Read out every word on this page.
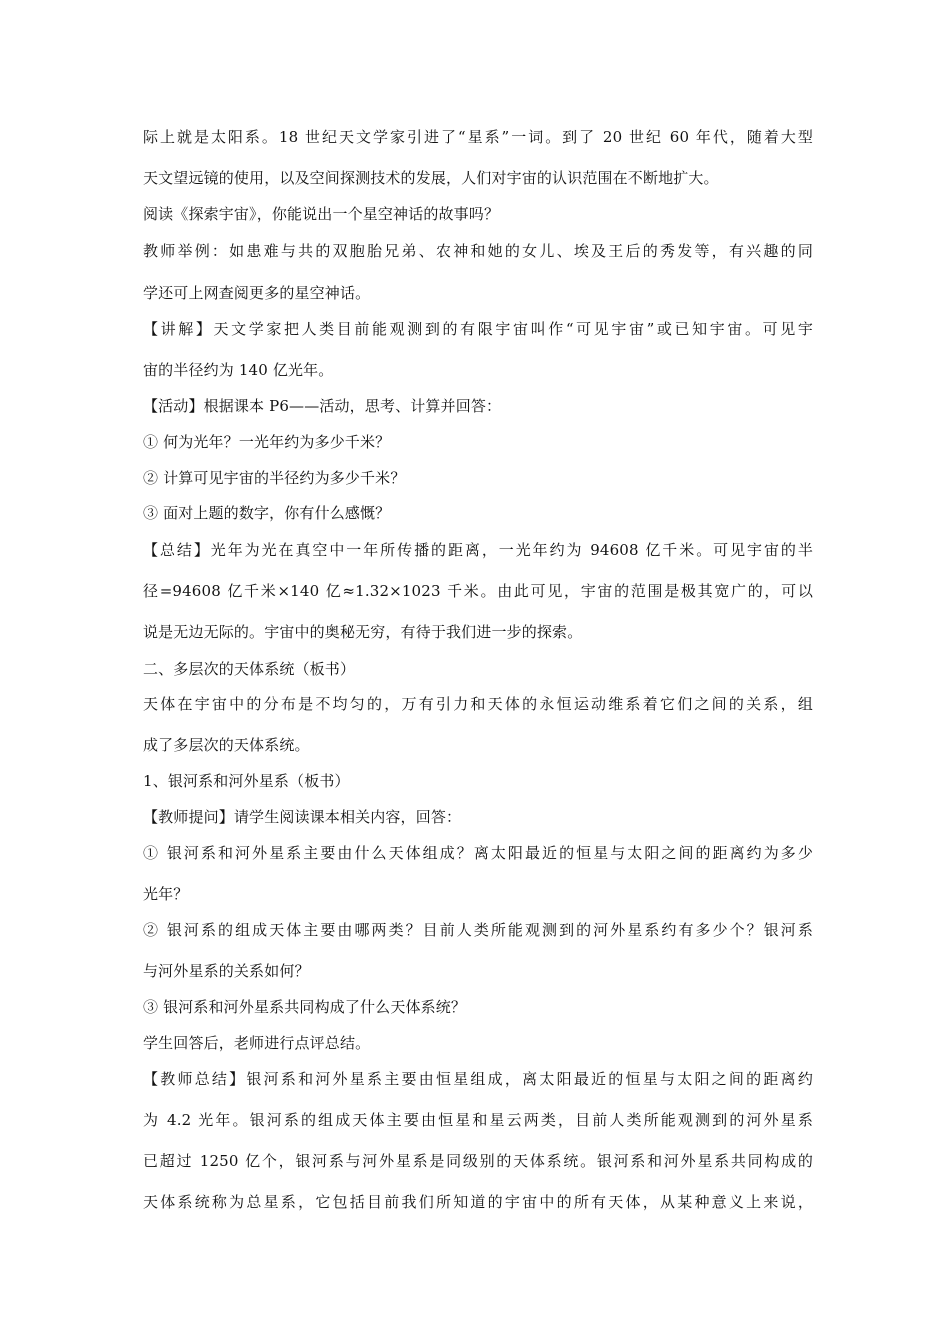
际上就是太阳系。18 世纪天文学家引进了“星系”一词。到了 20 世纪 60 年代，随着大型
天文望远镜的使用，以及空间探测技术的发展，人们对宇宙的认识范围在不断地扩大。
阅读《探索宇宙》，你能说出一个星空神话的故事吗？
教师举例：如患难与共的双胞胎兄弟、农神和她的女儿、埃及王后的秀发等，有兴趣的同
学还可上网查阅更多的星空神话。
【讲解】天文学家把人类目前能观测到的有限宇宙叫作“可见宇宙”或已知宇宙。可见宇
宙的半径约为 140 亿光年。
【活动】根据课本 P6——活动，思考、计算并回答：
① 何为光年？一光年约为多少千米？
② 计算可见宇宙的半径约为多少千米？
③ 面对上题的数字，你有什么感慨？
【总结】光年为光在真空中一年所传播的距离，一光年约为 94608 亿千米。可见宇宙的半
径=94608 亿千米×140 亿≈1.32×1023 千米。由此可见，宇宙的范围是极其宽广的，可以
说是无边无际的。宇宙中的奥秘无穷，有待于我们进一步的探索。
二、多层次的天体系统（板书）
天体在宇宙中的分布是不均匀的，万有引力和天体的永恒运动维系着它们之间的关系，组
成了多层次的天体系统。
1、银河系和河外星系（板书）
【教师提问】请学生阅读课本相关内容，回答：
① 银河系和河外星系主要由什么天体组成？离太阳最近的恒星与太阳之间的距离约为多少
光年？
② 银河系的组成天体主要由哪两类？目前人类所能观测到的河外星系约有多少个？银河系
与河外星系的关系如何？
③ 银河系和河外星系共同构成了什么天体系统？
学生回答后，老师进行点评总结。
【教师总结】银河系和河外星系主要由恒星组成，离太阳最近的恒星与太阳之间的距离约
为 4.2 光年。银河系的组成天体主要由恒星和星云两类，目前人类所能观测到的河外星系
已超过 1250 亿个，银河系与河外星系是同级别的天体系统。银河系和河外星系共同构成的
天体系统称为总星系，它包括目前我们所知道的宇宙中的所有天体，从某种意义上来说，
